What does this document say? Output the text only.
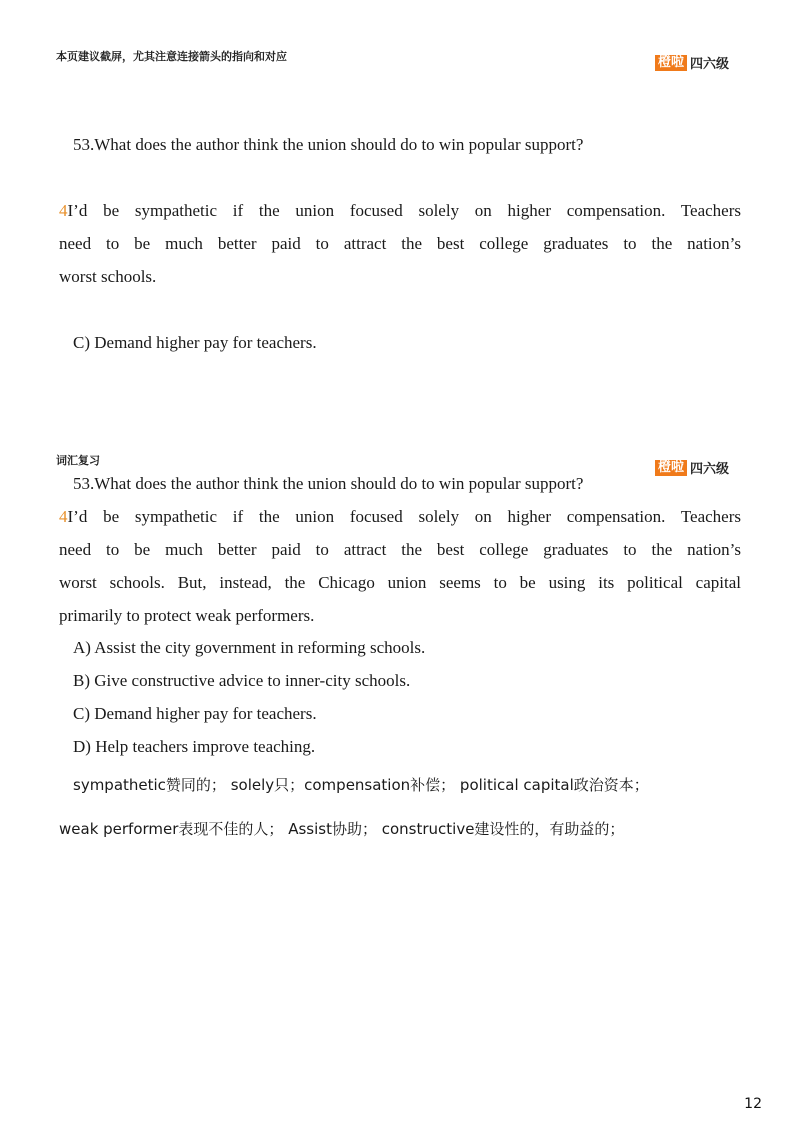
本页建议截屏，尤其注意连接箭头的指向和对应	橙啦 四六级
53.What does the author think the union should do to win popular support?
4I’d be sympathetic if the union focused solely on higher compensation. Teachers
need to be much better paid to attract the best college graduates to the nation’s
worst schools.
C) Demand higher pay for teachers.
词汇复习	橙啦 四六级
53.What does the author think the union should do to win popular support?
4I’d be sympathetic if the union focused solely on higher compensation. Teachers
need to be much better paid to attract the best college graduates to the nation’s
worst schools. But, instead, the Chicago union seems to be using its political capital
primarily to protect weak performers.
A) Assist the city government in reforming schools.
B) Give constructive advice to inner-city schools.
C) Demand higher pay for teachers.
D) Help teachers improve teaching.
sympathetic赞同的； solely只；compensation补偿； political capital政治资本；
weak performer表现不佳的人； Assist协助； constructive建设性的，有助益的；
12
